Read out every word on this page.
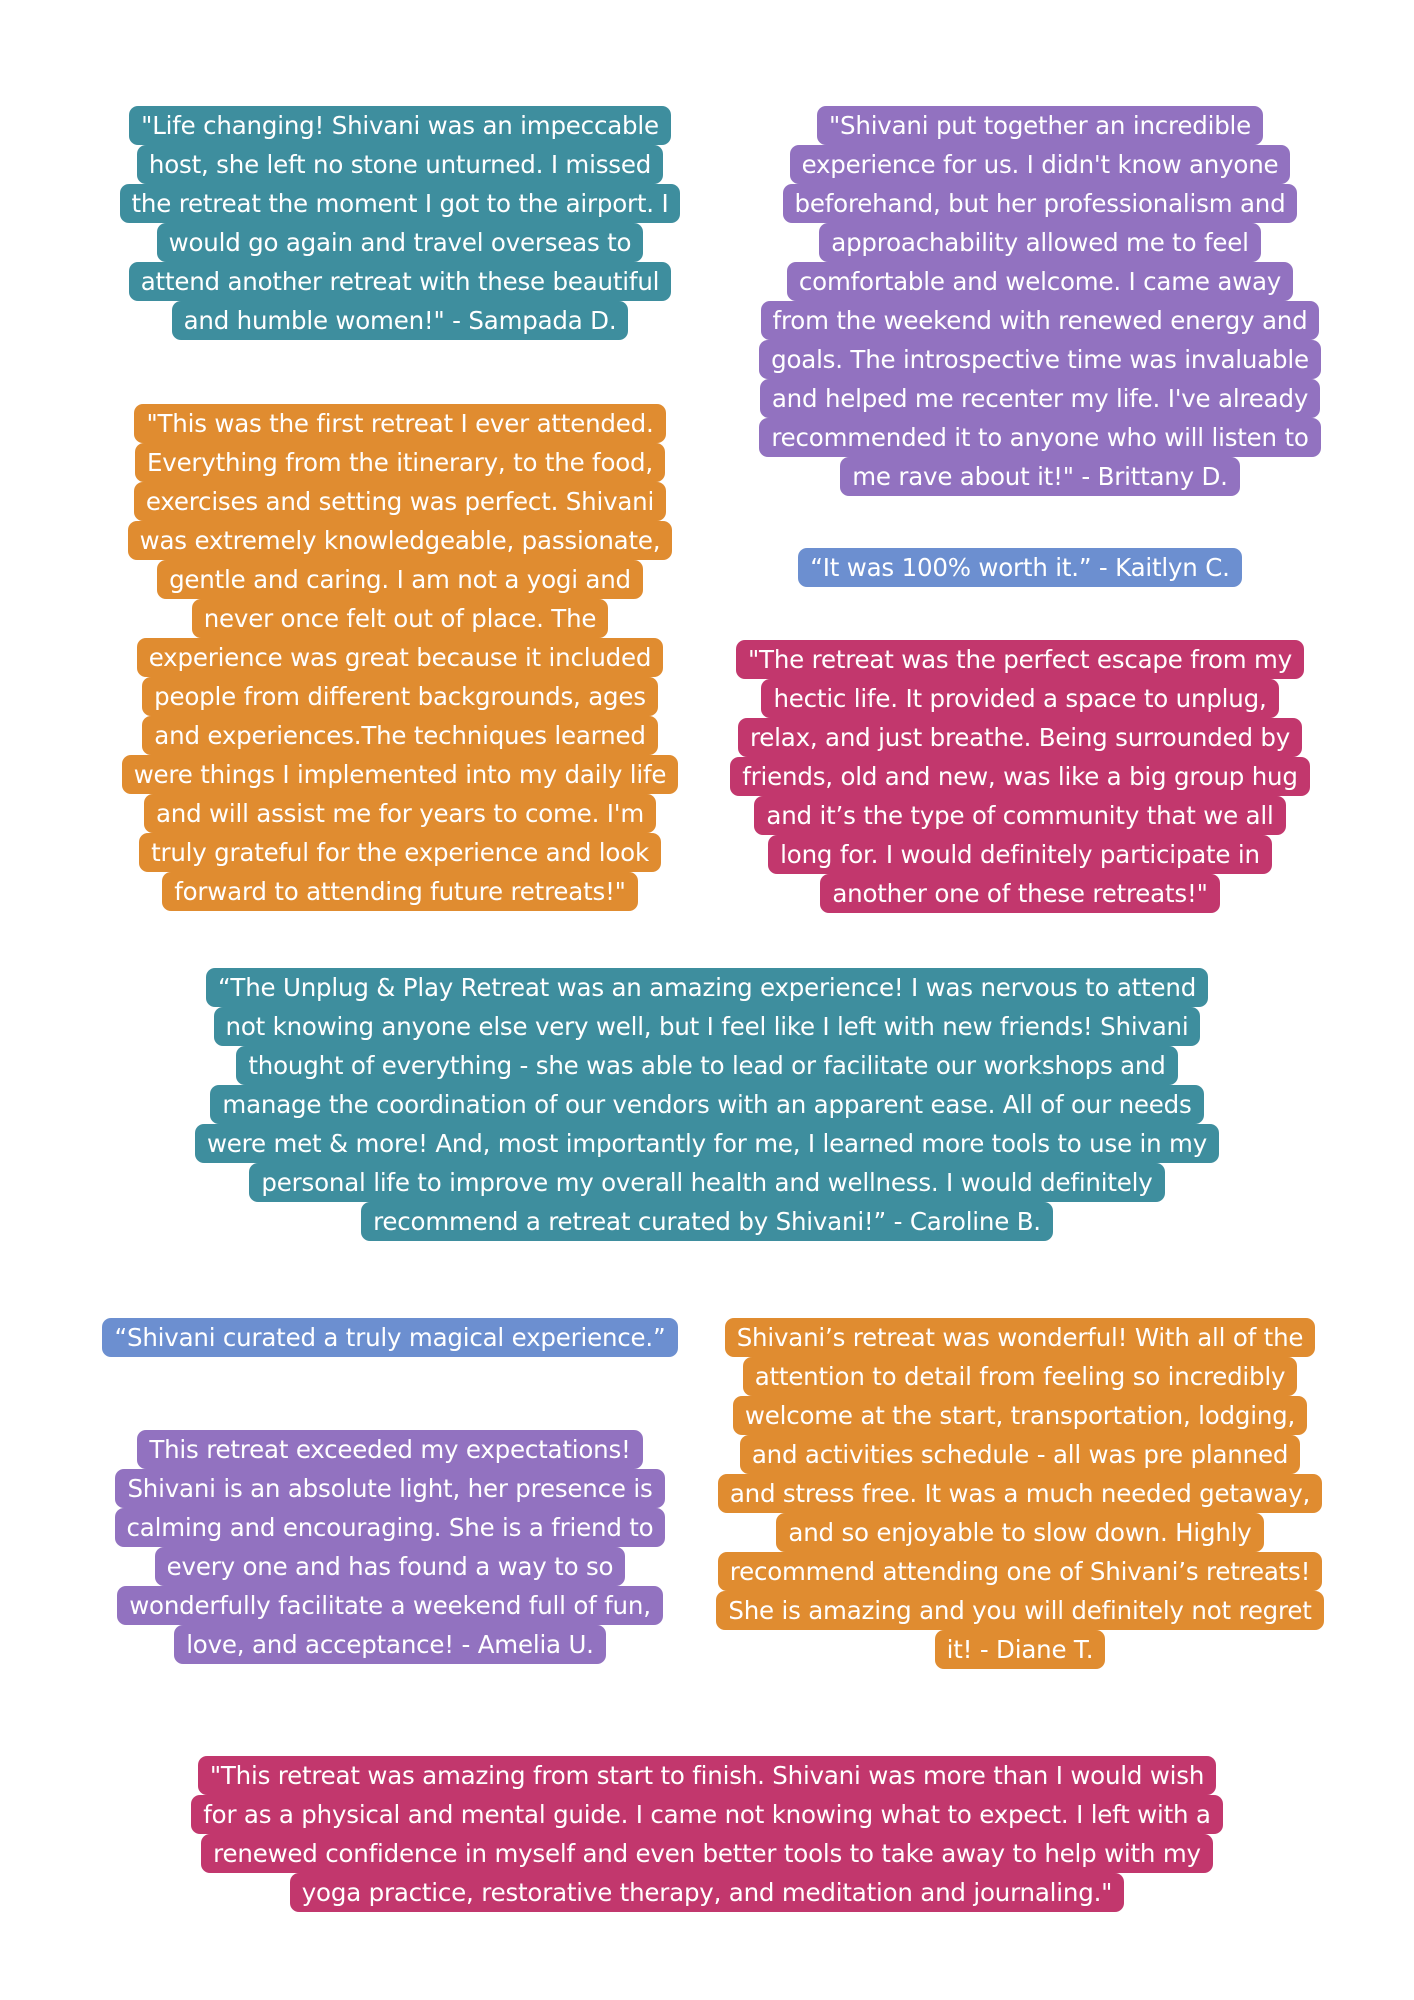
"Life changing! Shivani was an impeccable
host, she left no stone unturned. I missed
the retreat the moment I got to the airport. I
would go again and travel overseas to
attend another retreat with these beautiful
and humble women!" - Sampada D.
"Shivani put together an incredible
experience for us. I didn't know anyone
beforehand, but her professionalism and
approachability allowed me to feel
comfortable and welcome. I came away
from the weekend with renewed energy and
goals. The introspective time was invaluable
and helped me recenter my life. I've already
recommended it to anyone who will listen to
me rave about it!" - Brittany D.
"This was the first retreat I ever attended.
Everything from the itinerary, to the food,
exercises and setting was perfect. Shivani
was extremely knowledgeable, passionate,
gentle and caring. I am not a yogi and
never once felt out of place. The
experience was great because it included
people from different backgrounds, ages
and experiences.The techniques learned
were things I implemented into my daily life
and will assist me for years to come. I'm
truly grateful for the experience and look
forward to attending future retreats!"
“It was 100% worth it.” - Kaitlyn C.
"The retreat was the perfect escape from my
hectic life. It provided a space to unplug,
relax, and just breathe. Being surrounded by
friends, old and new, was like a big group hug
and it’s the type of community that we all
long for. I would definitely participate in
another one of these retreats!"
“The Unplug & Play Retreat was an amazing experience! I was nervous to attend
not knowing anyone else very well, but I feel like I left with new friends! Shivani
thought of everything - she was able to lead or facilitate our workshops and
manage the coordination of our vendors with an apparent ease. All of our needs
were met & more! And, most importantly for me, I learned more tools to use in my
personal life to improve my overall health and wellness. I would definitely
recommend a retreat curated by Shivani!” - Caroline B.
“Shivani curated a truly magical experience.”	Shivani’s retreat was wonderful! With all of the
attention to detail from feeling so incredibly
welcome at the start, transportation, lodging,
and activities schedule - all was pre planned
and stress free. It was a much needed getaway,
and so enjoyable to slow down. Highly
recommend attending one of Shivani’s retreats!
She is amazing and you will definitely not regret
it! - Diane T.
This retreat exceeded my expectations!
Shivani is an absolute light, her presence is
calming and encouraging. She is a friend to
every one and has found a way to so
wonderfully facilitate a weekend full of fun,
love, and acceptance! - Amelia U.
"This retreat was amazing from start to finish. Shivani was more than I would wish
for as a physical and mental guide. I came not knowing what to expect. I left with a
renewed confidence in myself and even better tools to take away to help with my
yoga practice, restorative therapy, and meditation and journaling."
